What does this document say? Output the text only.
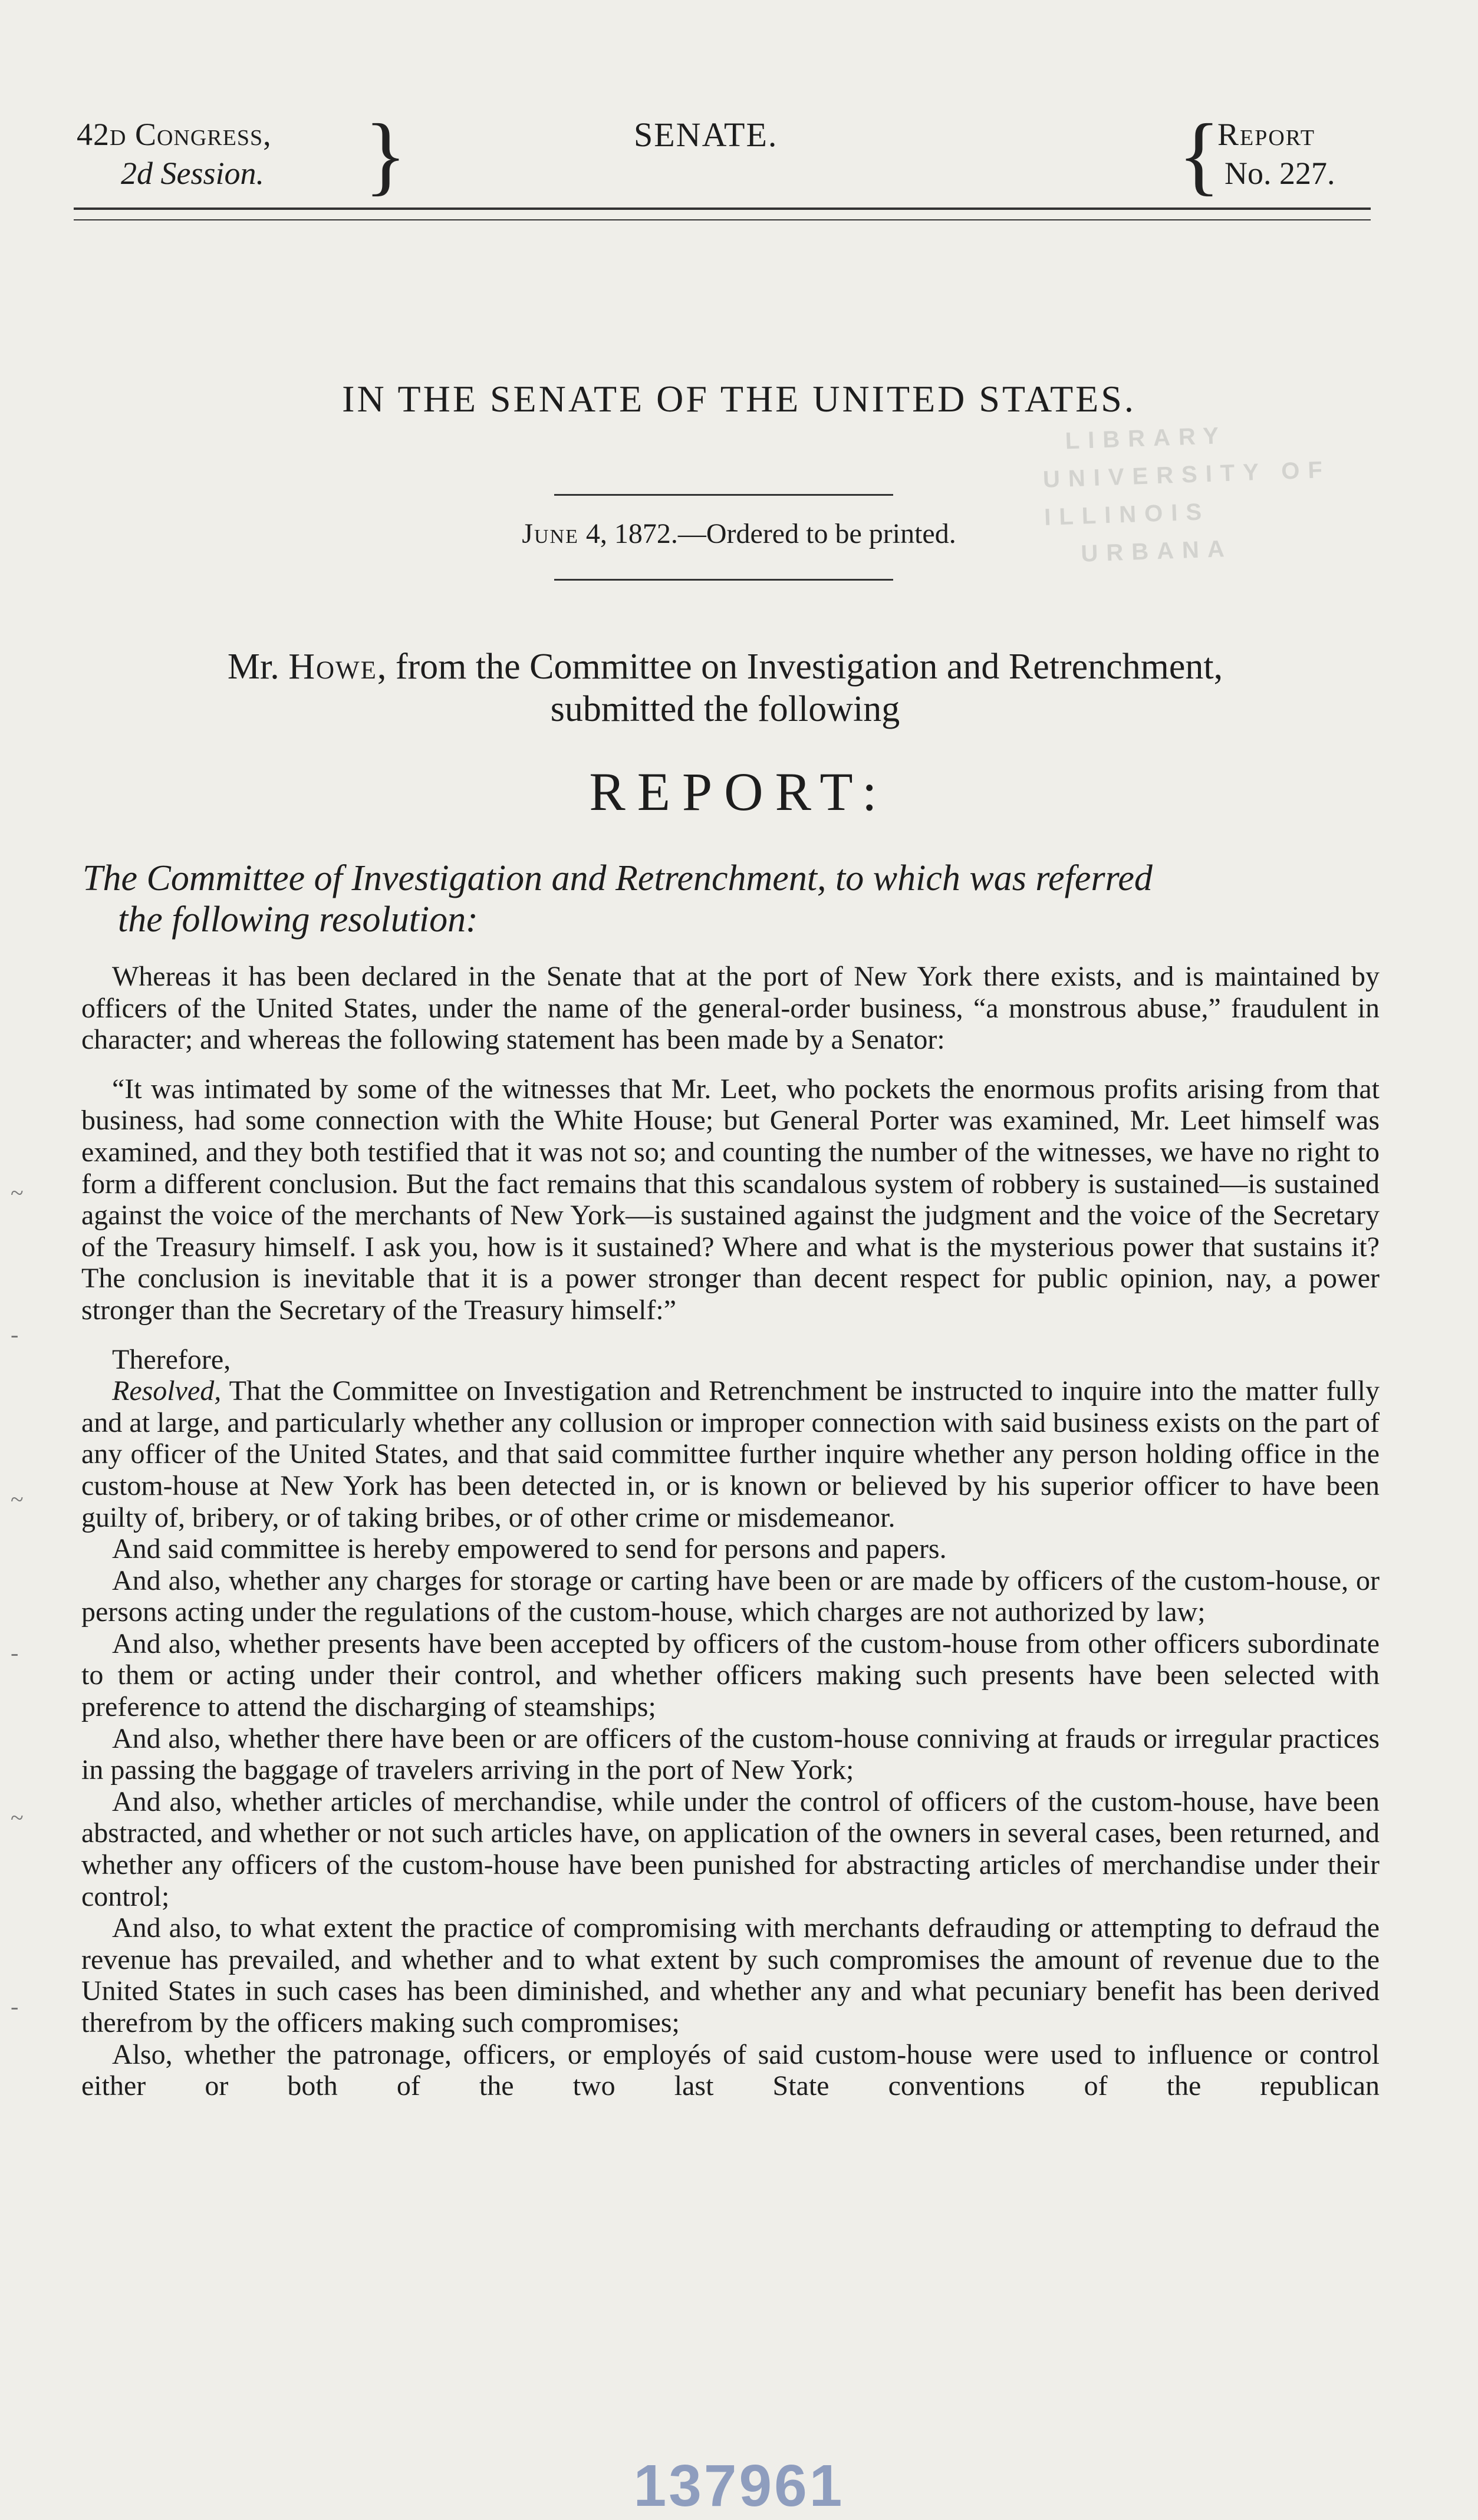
42d Congress,
2d Session. }	SENATE.	{
Report
No. 227.
IN THE SENATE OF THE UNITED STATES.
LIBRARY
UNIVERSITY OF ILLINOIS
URBANA
June 4, 1872.—Ordered to be printed.
Mr. Howe, from the Committee on Investigation and Retrenchment,
submitted the following
REPORT:
The Committee of Investigation and Retrenchment, to which was referred
the following resolution:

Whereas it has been declared in the Senate that at the port of New York there exists, and is maintained by officers of the United States, under the name of the general-order business, “a monstrous abuse,” fraudulent in character; and whereas the following statement has been made by a Senator:

“It was intimated by some of the witnesses that Mr. Leet, who pockets the enormous profits arising from that business, had some connection with the White House; but General Porter was examined, Mr. Leet himself was examined, and they both testified that it was not so; and counting the number of the witnesses, we have no right to form a different conclusion. But the fact remains that this scandalous system of robbery is sustained—is sustained against the voice of the merchants of New York—is sustained against the judgment and the voice of the Secretary of the Treasury himself. I ask you, how is it sustained? Where and what is the mysterious power that sustains it? The conclusion is inevitable that it is a power stronger than decent respect for public opinion, nay, a power stronger than the Secretary of the Treasury himself:”

Therefore,

Resolved, That the Committee on Investigation and Retrenchment be instructed to inquire into the matter fully and at large, and particularly whether any collusion or improper connection with said business exists on the part of any officer of the United States, and that said committee further inquire whether any person holding office in the custom-house at New York has been detected in, or is known or believed by his superior officer to have been guilty of, bribery, or of taking bribes, or of other crime or misdemeanor.

And said committee is hereby empowered to send for persons and papers.

And also, whether any charges for storage or carting have been or are made by officers of the custom-house, or persons acting under the regulations of the custom-house, which charges are not authorized by law;

And also, whether presents have been accepted by officers of the custom-house from other officers subordinate to them or acting under their control, and whether officers making such presents have been selected with preference to attend the discharging of steamships;

And also, whether there have been or are officers of the custom-house conniving at frauds or irregular practices in passing the baggage of travelers arriving in the port of New York;

And also, whether articles of merchandise, while under the control of officers of the custom-house, have been abstracted, and whether or not such articles have, on application of the owners in several cases, been returned, and whether any officers of the custom-house have been punished for abstracting articles of merchandise under their control;

And also, to what extent the practice of compromising with merchants defrauding or attempting to defraud the revenue has prevailed, and whether and to what extent by such compromises the amount of revenue due to the United States in such cases has been diminished, and whether any and what pecuniary benefit has been derived therefrom by the officers making such compromises;

Also, whether the patronage, officers, or employés of said custom-house were used to influence or control either or both of the two last State conventions of the republican

~
-
~
-
~
-
137961
